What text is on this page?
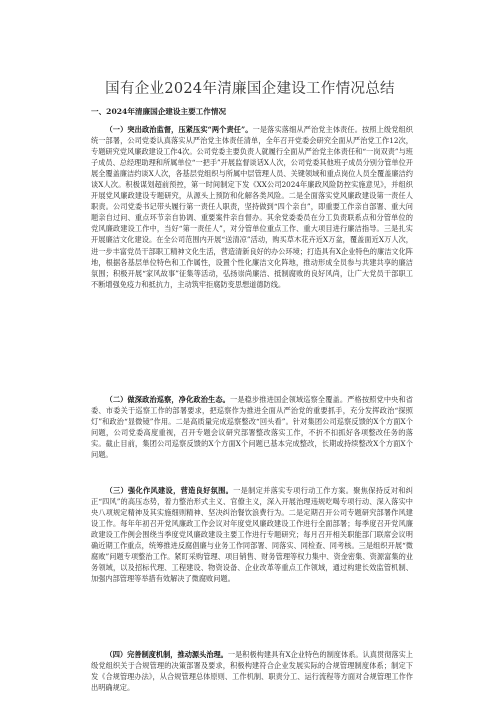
国有企业2024年清廉国企建设工作情况总结
一、2024年清廉国企建设主要工作情况

（一）突出政治监督，压紧压实“两个责任”。一是落实落细从严治党主体责任。按照上级党组织统一部署，公司党委认真落实从严治党主体责任清单，全年召开党委会研究全面从严治党工作12次，专题研究党风廉政建设工作4次。公司党委主要负责人就履行全面从严治党主体责任和“一岗双责”与班子成员、总经理助理和所属单位“一把手”开展监督谈话X人次，公司党委其他班子成员分别分管单位开展全覆盖廉洁约谈X人次，各基层党组织与所属中层管理人员、关键领域和重点岗位人员全覆盖廉洁约谈X人次。积极谋划超前预控，第一时间制定下发《XX公司2024年廉政风险防控实施意见》，并组织开展党风廉政建设专题研究，从源头上预防和化解各类风险。二是全面落实党风廉政建设第一责任人职责。公司党委书记带头履行第一责任人职责，坚持做到“四个亲自”，即重要工作亲自部署、重大问题亲自过问、重点环节亲自协调、重要案件亲自督办。其余党委委员在分工负责联系点和分管单位的党风廉政建设工作中，当好“第一责任人”，对分管单位重点工作、重大项目进行廉洁指导。三是扎实开展廉洁文化建设。在全公司范围内开展“送清凉”活动，购买草木花卉近X万盆，覆盖面近X万人次，进一步丰富党员干部职工精神文化生活，营造清新良好的办公环境；打造具有X企业特色的廉洁文化阵地，根据各基层单位特色和工作属性，设置个性化廉洁文化阵地，推动形成全员参与共建共享的廉洁氛围；积极开展“家风故事”征集等活动，弘扬崇尚廉洁、抵制腐败的良好风尚，让广大党员干部职工不断增强免疫力和抵抗力，主动筑牢拒腐防变思想道德防线。

（二）做深政治巡察，净化政治生态。一是稳步推进国企领域巡察全覆盖。严格按照党中央和省委、市委关于巡察工作的部署要求，把巡察作为推进全面从严治党的重要抓手，充分发挥政治“探照灯”和政治“显微镜”作用。二是高质量完成巡察整改“回头看”。针对集团公司巡察反馈的X个方面X个问题，公司党委高度重视，召开专题会议研究部署整改落实工作，不折不扣抓好各项整改任务的落实。截止目前，集团公司巡察反馈的X个方面X个问题已基本完成整改，长期或持续整改X个方面X个问题。

（三）强化作风建设，营造良好氛围。一是制定并落实专项行动工作方案。聚焦保持反对和纠正“四风”的高压态势，着力整治形式主义、官僚主义，深入开展治理违规吃喝专项行动、深入落实中央八项规定精神及其实施细则精神、坚决纠治餐饮浪费行为。二是定期召开公司专题研究部署作风建设工作。每年年初召开党风廉政工作会议对年度党风廉政建设工作进行全面部署；每季度召开党风廉政建设工作例会围绕当季度党风廉政建设主要工作进行专题研究；每月召开相关职能部门联席会议明确近期工作重点，统筹推进反腐倡廉与业务工作同部署、同落实、同检查、同考核。三是组织开展“微腐败”问题专项整治工作。紧盯采购管理、项目销售、财务管理等权力集中、资金密集、资源富集的业务领域，以及招标代理、工程建设、物资设备、企业改革等重点工作领域，通过构建长效监管机制、加强内部管理等举措有效解决了微腐败问题。

（四）完善制度机制，推动源头治理。一是积极构建具有X企业特色的制度体系。认真贯彻落实上级党组织关于合规管理的决策部署及要求，积极构建符合企业发展实际的合规管理制度体系；制定下发《合规管理办法》，从合规管理总体原则、工作机制、职责分工、运行流程等方面对合规管理工作作出明确规定。
